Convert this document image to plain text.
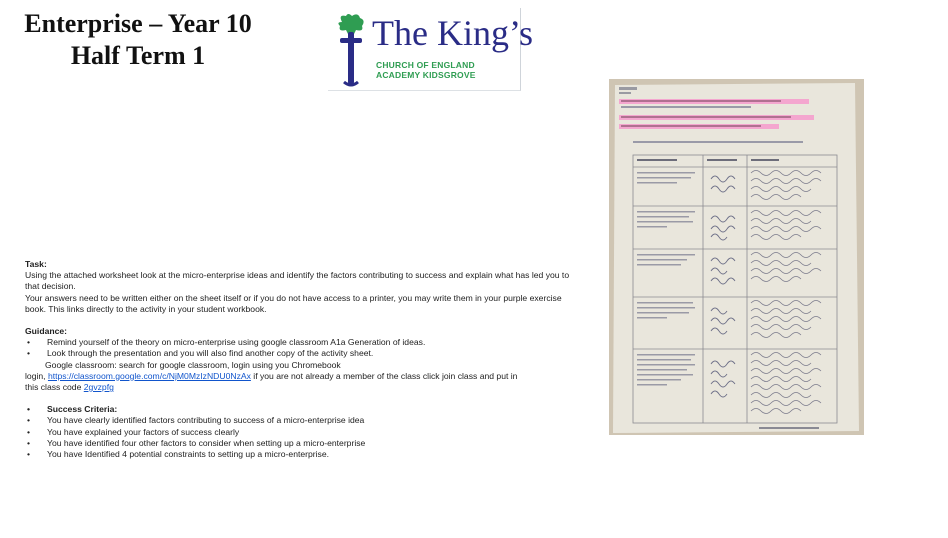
Enterprise – Year 10
Half Term 1
The King’s
CHURCH OF ENGLAND
ACADEMY KIDSGROVE

Task:

Using the attached worksheet look at the micro-enterprise ideas and identify the factors contributing to success and explain what has led you to that decision.

Your answers need to be written either on the sheet itself or if you do not have access to a printer, you may write them in your purple exercise book. This links directly to the activity in your student workbook.

Guidance:

• Remind yourself of the theory on micro-enterprise using google classroom A1a Generation of ideas.

• Look through the presentation and you will also find another copy of the activity sheet.

Google classroom: search for google classroom, login using you Chromebook

login, https://classroom.google.com/c/NjM0MzIzNDU0NzAx if you are not already a member of the class click join class and put in

this class code 2gvzpfg

• Success Criteria:

• You have clearly identified factors contributing to success of a micro-enterprise idea

• You have explained your factors of success clearly

• You have identified four other factors to consider when setting up a micro-enterprise

• You have Identified 4 potential constraints to setting up a micro-enterprise.
